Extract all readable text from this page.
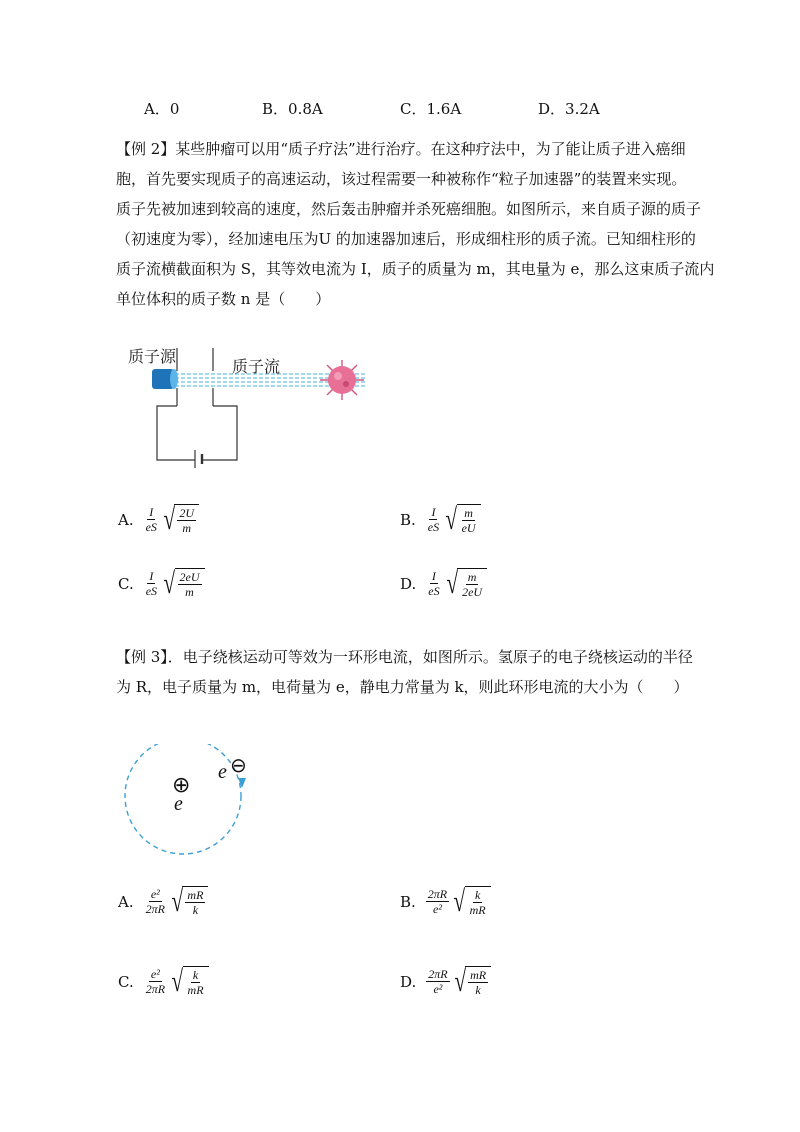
A．0	B．0.8A	C．1.6A	D．3.2A
【例 2】某些肿瘤可以用“质子疗法”进行治疗。在这种疗法中，为了能让质子进入癌细
胞，首先要实现质子的高速运动，该过程需要一种被称作“粒子加速器”的装置来实现。
质子先被加速到较高的速度，然后轰击肿瘤并杀死癌细胞。如图所示，来自质子源的质子
（初速度为零），经加速电压为U 的加速器加速后，形成细柱形的质子流。已知细柱形的
质子流横截面积为 S，其等效电流为 I，质子的质量为 m，其电量为 e，那么这束质子流内
单位体积的质子数 n 是（　　）
质子源
质子流
A. $\frac{I}{eS}$ √ $\frac{2U}{m}$	B. $\frac{I}{eS}$ √ $\frac{m}{eU}$
C. $\frac{I}{eS}$ √ $\frac{2eU}{m}$	D. $\frac{I}{eS}$ √ $\frac{m}{2eU}$
【例 3】．电子绕核运动可等效为一环形电流，如图所示。氢原子的电子绕核运动的半径
为 R，电子质量为 m，电荷量为 e，静电力常量为 k，则此环形电流的大小为（　　）
⊕
e
e ⊖
A. $\frac{\text{e²}}{2\pi R}$ √ $\frac{mR}{k}$	B. $\frac{2\pi R}{\text{e²}}$ √ $\frac{k}{mR}$
C. $\frac{\text{e²}}{2\pi R}$ √ $\frac{k}{mR}$	D. $\frac{2\pi R}{\text{e²}}$ √ $\frac{mR}{k}$
